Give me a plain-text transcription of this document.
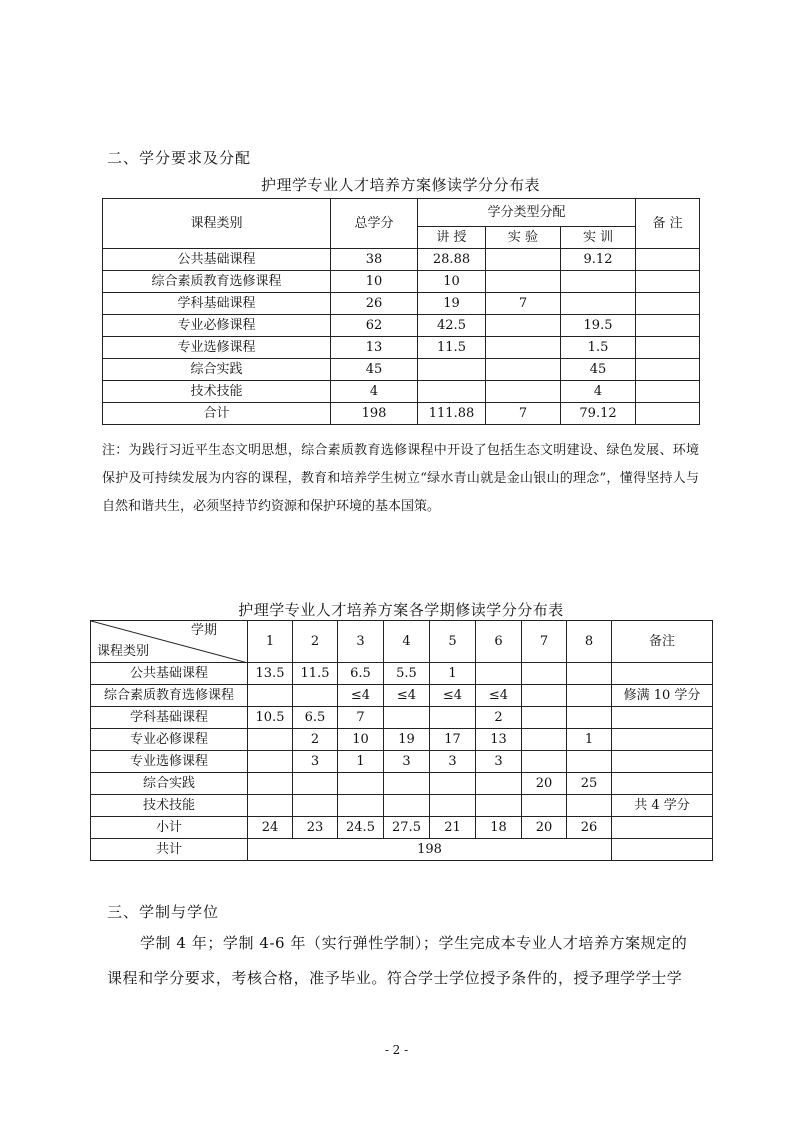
二、学分要求及分配
护理学专业人才培养方案修读学分分布表
课程类别	总学分	学分类型分配			备 注
		讲 授	实 验	实 训	
公共基础课程	38	28.88		9.12	
综合素质教育选修课程	10	10			
学科基础课程	26	19	7		
专业必修课程	62	42.5		19.5	
专业选修课程	13	11.5		1.5	
综合实践	45			45	
技术技能	4			4	
合计	198	111.88	7	79.12	
注：为践行习近平生态文明思想，综合素质教育选修课程中开设了包括生态文明建设、绿色发展、环境保护及可持续发展为内容的课程，教育和培养学生树立“绿水青山就是金山银山的理念”，懂得坚持人与自然和谐共生，必须坚持节约资源和保护环境的基本国策。
护理学专业人才培养方案各学期修读学分分布表
学期
课程类别	1	2	3	4	5	6	7	8	备注
公共基础课程	13.5	11.5	6.5	5.5	1				
综合素质教育选修课程			≤4	≤4	≤4	≤4			修满 10 学分
学科基础课程	10.5	6.5	7			2			
专业必修课程		2	10	19	17	13		1	
专业选修课程		3	1	3	3	3			
综合实践							20	25	
技术技能									共 4 学分
小计	24	23	24.5	27.5	21	18	20	26	
共计	198								
三、学制与学位
学制 4 年；学制 4-6 年（实行弹性学制）；学生完成本专业人才培养方案规定的
课程和学分要求，考核合格，准予毕业。符合学士学位授予条件的，授予理学学士学
- 2 -
